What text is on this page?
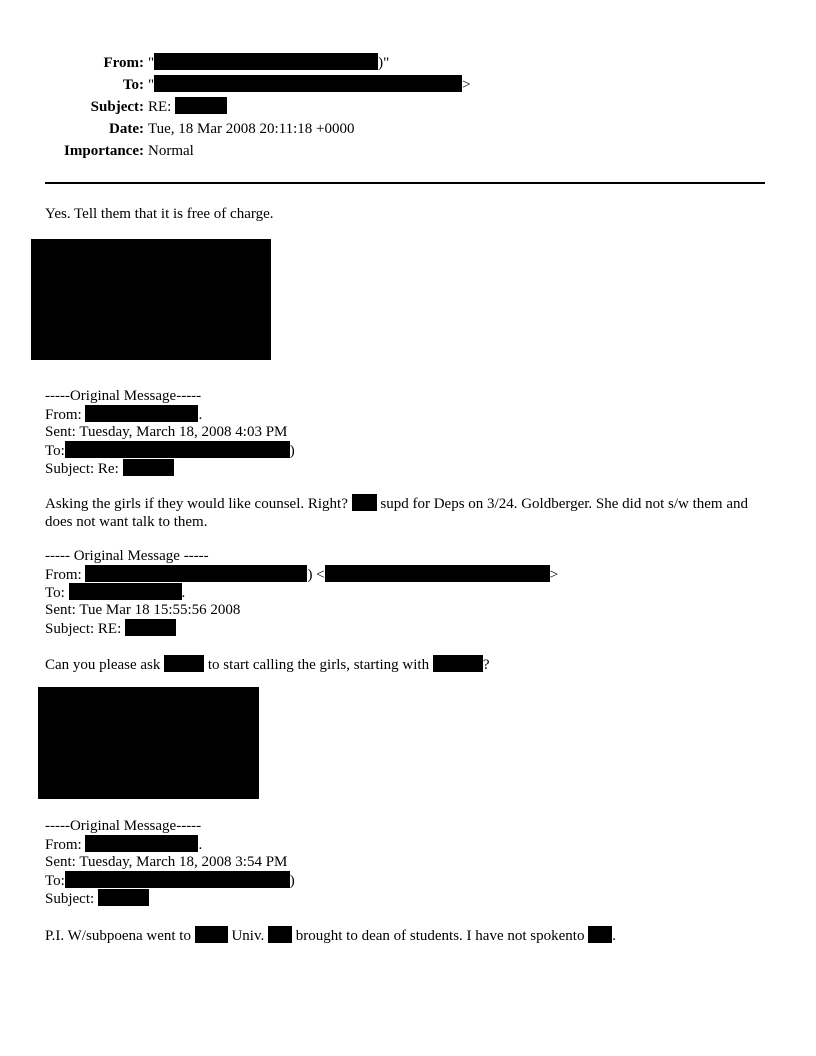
From: "	)"
To: "	>
Subject: RE:
Date: Tue, 18 Mar 2008 20:11:18 +0000
Importance: Normal
Yes. Tell them that it is free of charge.
-----Original Message-----
From:	.
Sent: Tuesday, March 18, 2008 4:03 PM
To:	)
Subject: Re:
Asking the girls if they would like counsel. Right? supd for Deps on 3/24. Goldberger. She did not s/w them and does not want talk to them.
----- Original Message -----
From:	) <	>
To:	.
Sent: Tue Mar 18 15:55:56 2008
Subject: RE:
Can you please ask	to start calling the girls, starting with	?
-----Original Message-----
From:	.
Sent: Tuesday, March 18, 2008 3:54 PM
To:	)
Subject:
P.I. W/subpoena went to	Univ. brought to dean of students. I have not spokento .
